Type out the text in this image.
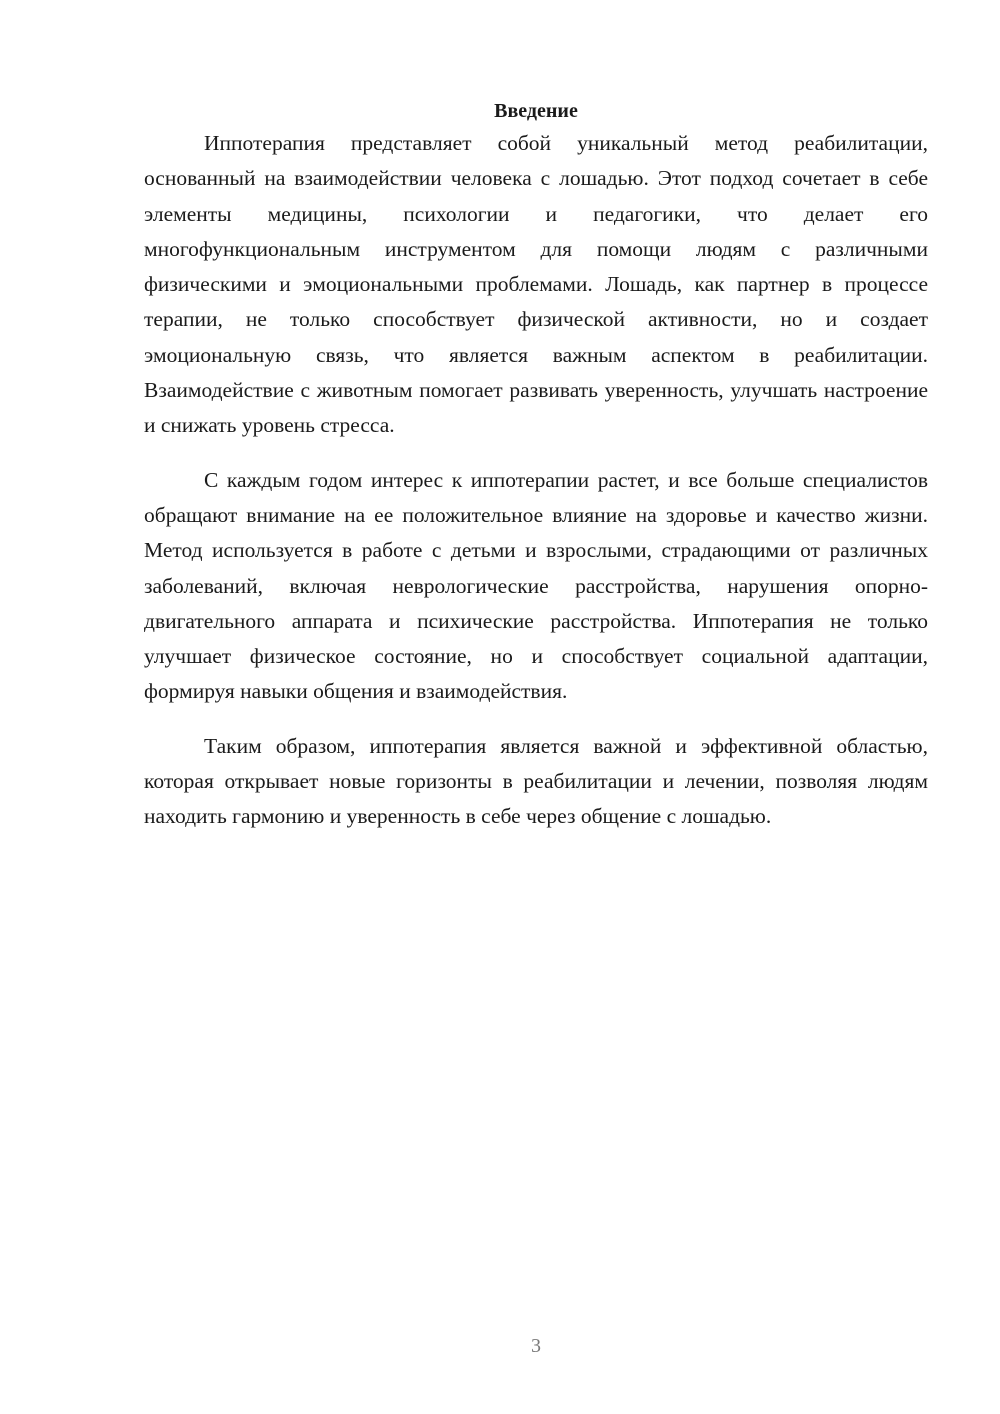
Введение

Иппотерапия представляет собой уникальный метод реабилитации, основанный на взаимодействии человека с лошадью. Этот подход сочетает в себе элементы медицины, психологии и педагогики, что делает его многофункциональным инструментом для помощи людям с различными физическими и эмоциональными проблемами. Лошадь, как партнер в процессе терапии, не только способствует физической активности, но и создает эмоциональную связь, что является важным аспектом в реабилитации. Взаимодействие с животным помогает развивать уверенность, улучшать настроение и снижать уровень стресса.

С каждым годом интерес к иппотерапии растет, и все больше специалистов обращают внимание на ее положительное влияние на здоровье и качество жизни. Метод используется в работе с детьми и взрослыми, страдающими от различных заболеваний, включая неврологические расстройства, нарушения опорно-двигательного аппарата и психические расстройства. Иппотерапия не только улучшает физическое состояние, но и способствует социальной адаптации, формируя навыки общения и взаимодействия.

Таким образом, иппотерапия является важной и эффективной областью, которая открывает новые горизонты в реабилитации и лечении, позволяя людям находить гармонию и уверенность в себе через общение с лошадью.

3
